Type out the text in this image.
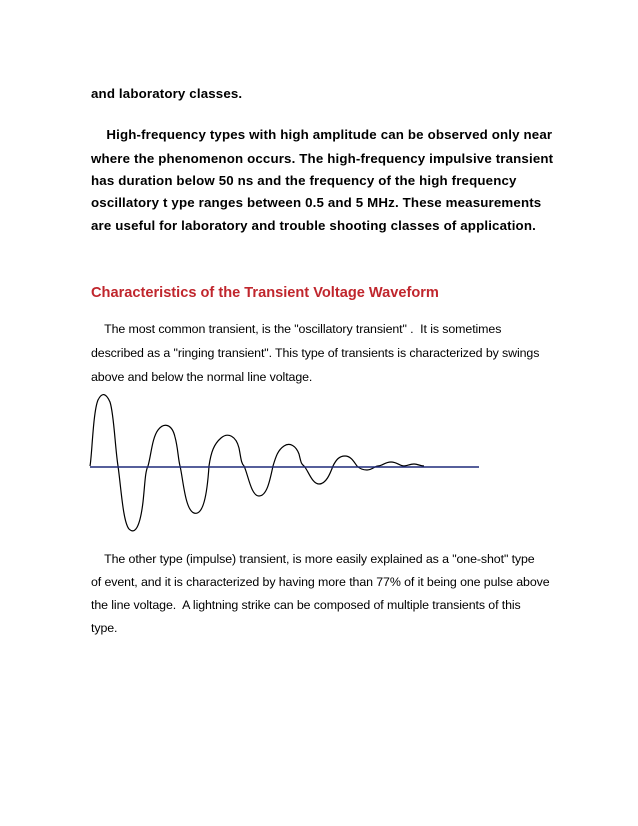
and laboratory classes.
High-frequency types with high amplitude can be observed only near
where the phenomenon occurs. The high-frequency impulsive transient
has duration below 50 ns and the frequency of the high frequency
oscillatory t ype ranges between 0.5 and 5 MHz. These measurements
are useful for laboratory and trouble shooting classes of application.
Characteristics of the Transient Voltage Waveform
The most common transient, is the "oscillatory transient" .  It is sometimes
described as a "ringing transient". This type of transients is characterized by swings
above and below the normal line voltage.
The other type (impulse) transient, is more easily explained as a "one-shot" type
of event, and it is characterized by having more than 77% of it being one pulse above
the line voltage.  A lightning strike can be composed of multiple transients of this
type.
